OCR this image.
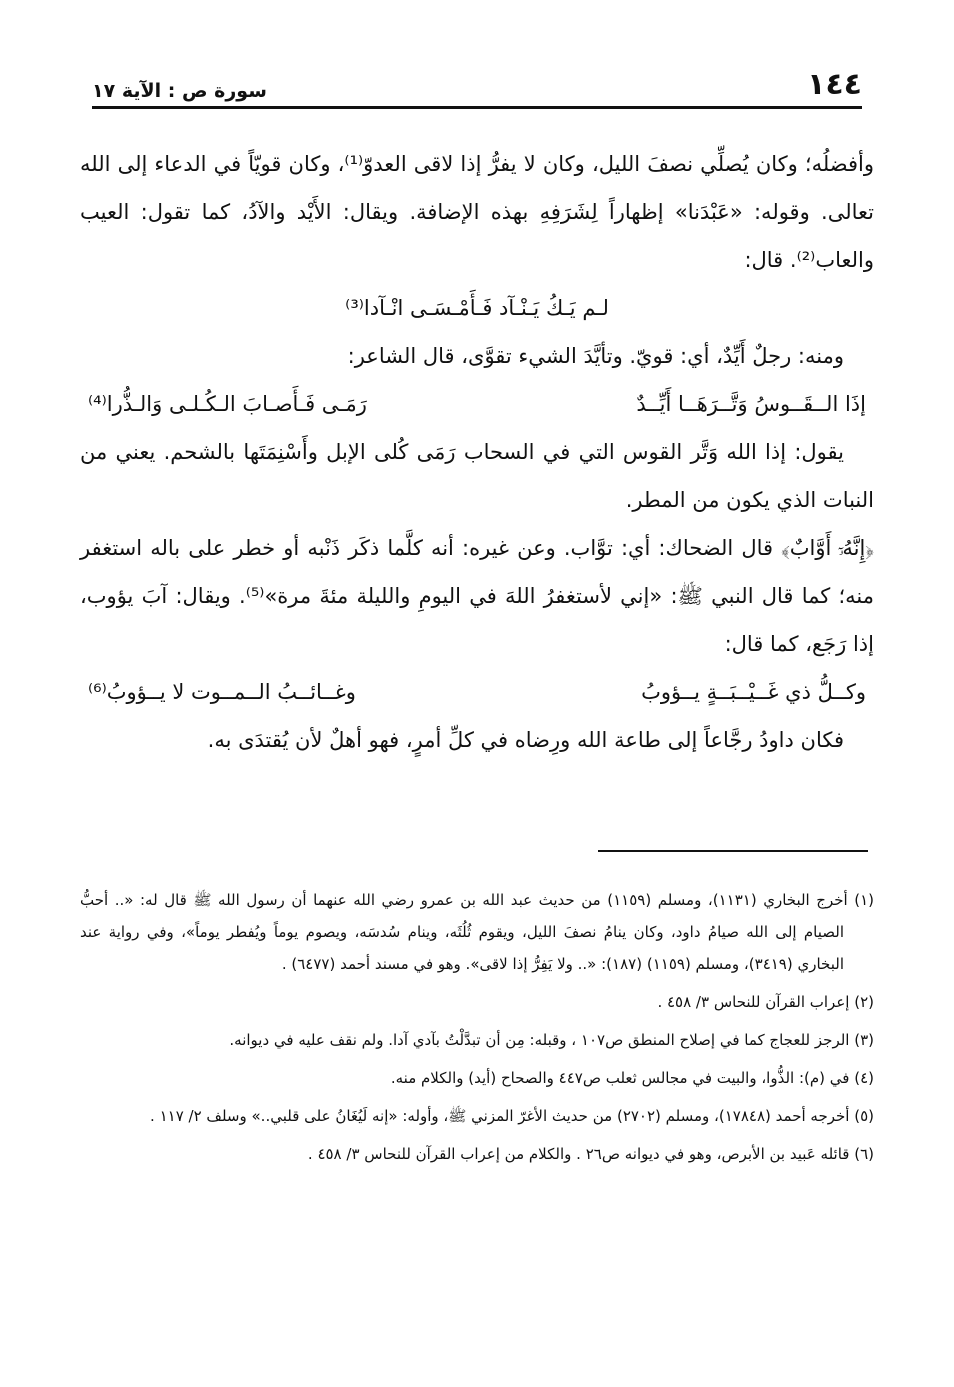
١٤٤
سورة ص : الآية ١٧

وأفضلُه؛ وكان يُصلِّي نصفَ الليل، وكان لا يفرُّ إذا لاقى العدوّ⁽¹⁾، وكان قويّاً في الدعاء إلى الله تعالى. وقوله: «عَبْدَنا» إظهاراً لِشَرَفِهِ بهذه الإضافة. ويقال: الأَيْد والآدُ، كما تقول: العيب والعاب⁽²⁾. قال:

لـم يَـكُ يَـنْـآد فَـأَمْـسَـى انْـآدا⁽³⁾

ومنه: رجلٌ أَيِّدٌ، أي: قويّ. وتأيَّدَ الشيء تقوَّى، قال الشاعر:

إذَا الــقَــوسُ وَتَّــرَهَــا أَيِّــدٌ
رَمَـى فَـأَصـابَ الـكُـلـى وَالـذُّرا⁽⁴⁾

يقول: إذا الله وَتَّر القوس التي في السحاب رَمَى كُلى الإبل وأَسْنِمَتَها بالشحم. يعني من النبات الذي يكون من المطر.

﴿إِنَّهُۥٓ أَوَّابٌ﴾ قال الضحاك: أي: توَّاب. وعن غيره: أنه كلَّما ذكَر ذَنْبه أو خطر على باله استغفر منه؛ كما قال النبي ﷺ: «إني لأستغفرُ اللهَ في اليومِ والليلة مئةَ مرة»⁽⁵⁾. ويقال: آبَ يؤوب، إذا رَجَع، كما قال:

وكــلُّ ذي غَــيْــبَــةٍ يــؤوبُ
وغــائــبُ الــمــوت لا يــؤوبُ⁽⁶⁾

فكان داودُ رجَّاعاً إلى طاعة الله ورِضاه في كلِّ أمرٍ، فهو أهلٌ لأن يُقتدَى به.

(١) أخرج البخاري (١١٣١)، ومسلم (١١٥٩) من حديث عبد الله بن عمرو رضي الله عنهما أن رسول الله ﷺ قال له: «.. أحبُّ الصيام إلى الله صيامُ داود، وكان ينامُ نصفَ الليل، ويقوم ثُلُثَه، وينام سُدسَه، ويصوم يوماً ويُفطر يوماً»، وفي رواية عند البخاري (٣٤١٩)، ومسلم (١١٥٩) (١٨٧): «.. ولا يَفِرُّ إذا لاقى». وهو في مسند أحمد (٦٤٧٧) .

(٢) إعراب القرآن للنحاس ٣/ ٤٥٨ .

(٣) الرجز للعجاج كما في إصلاح المنطق ص١٠٧ ، وقبله: مِن أن تبدَّلْتُ بآدي آدا. ولم نقف عليه في ديوانه.

(٤) في (م): الذُّوا، والبيت في مجالس ثعلب ص٤٤٧ والصحاح (أيد) والكلام منه.

(٥) أخرجه أحمد (١٧٨٤٨)، ومسلم (٢٧٠٢) من حديث الأغرّ المزني ﷺ، وأوله: «إنه لَيُغَانُ على قلبي..» وسلف ٢/ ١١٧ .

(٦) قائله عَبيد بن الأبرص، وهو في ديوانه ص٢٦ . والكلام من إعراب القرآن للنحاس ٣/ ٤٥٨ .
